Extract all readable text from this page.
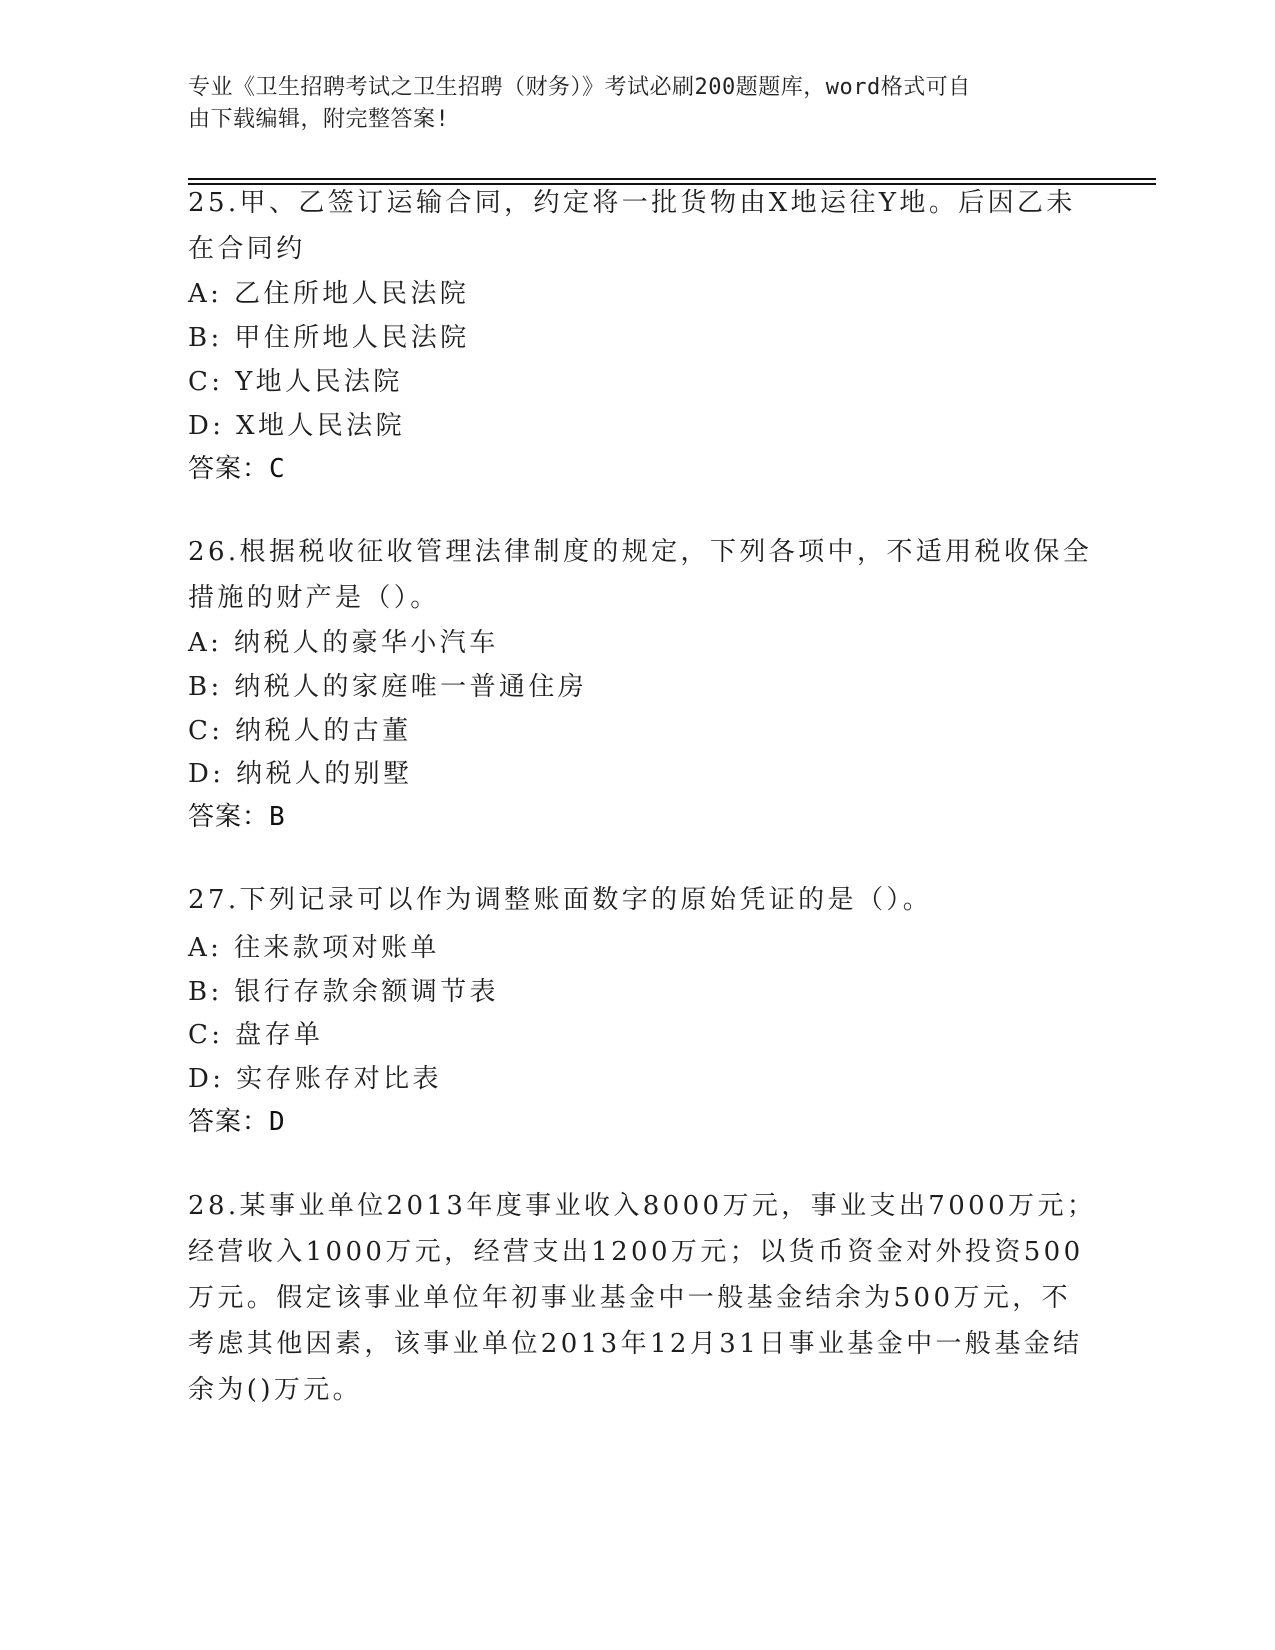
专业《卫生招聘考试之卫生招聘（财务）》考试必刷200题题库，word格式可自
由下载编辑，附完整答案!
25.甲、乙签订运输合同，约定将一批货物由X地运往Y地。后因乙未
在合同约
A: 乙住所地人民法院
B: 甲住所地人民法院
C: Y地人民法院
D: X地人民法院
答案：C
26.根据税收征收管理法律制度的规定，下列各项中，不适用税收保全
措施的财产是（）。
A: 纳税人的豪华小汽车
B: 纳税人的家庭唯一普通住房
C: 纳税人的古董
D: 纳税人的别墅
答案：B
27.下列记录可以作为调整账面数字的原始凭证的是（）。
A: 往来款项对账单
B: 银行存款余额调节表
C: 盘存单
D: 实存账存对比表
答案：D
28.某事业单位2013年度事业收入8000万元，事业支出7000万元；
经营收入1000万元，经营支出1200万元；以货币资金对外投资500
万元。假定该事业单位年初事业基金中一般基金结余为500万元，不
考虑其他因素，该事业单位2013年12月31日事业基金中一般基金结
余为()万元。
